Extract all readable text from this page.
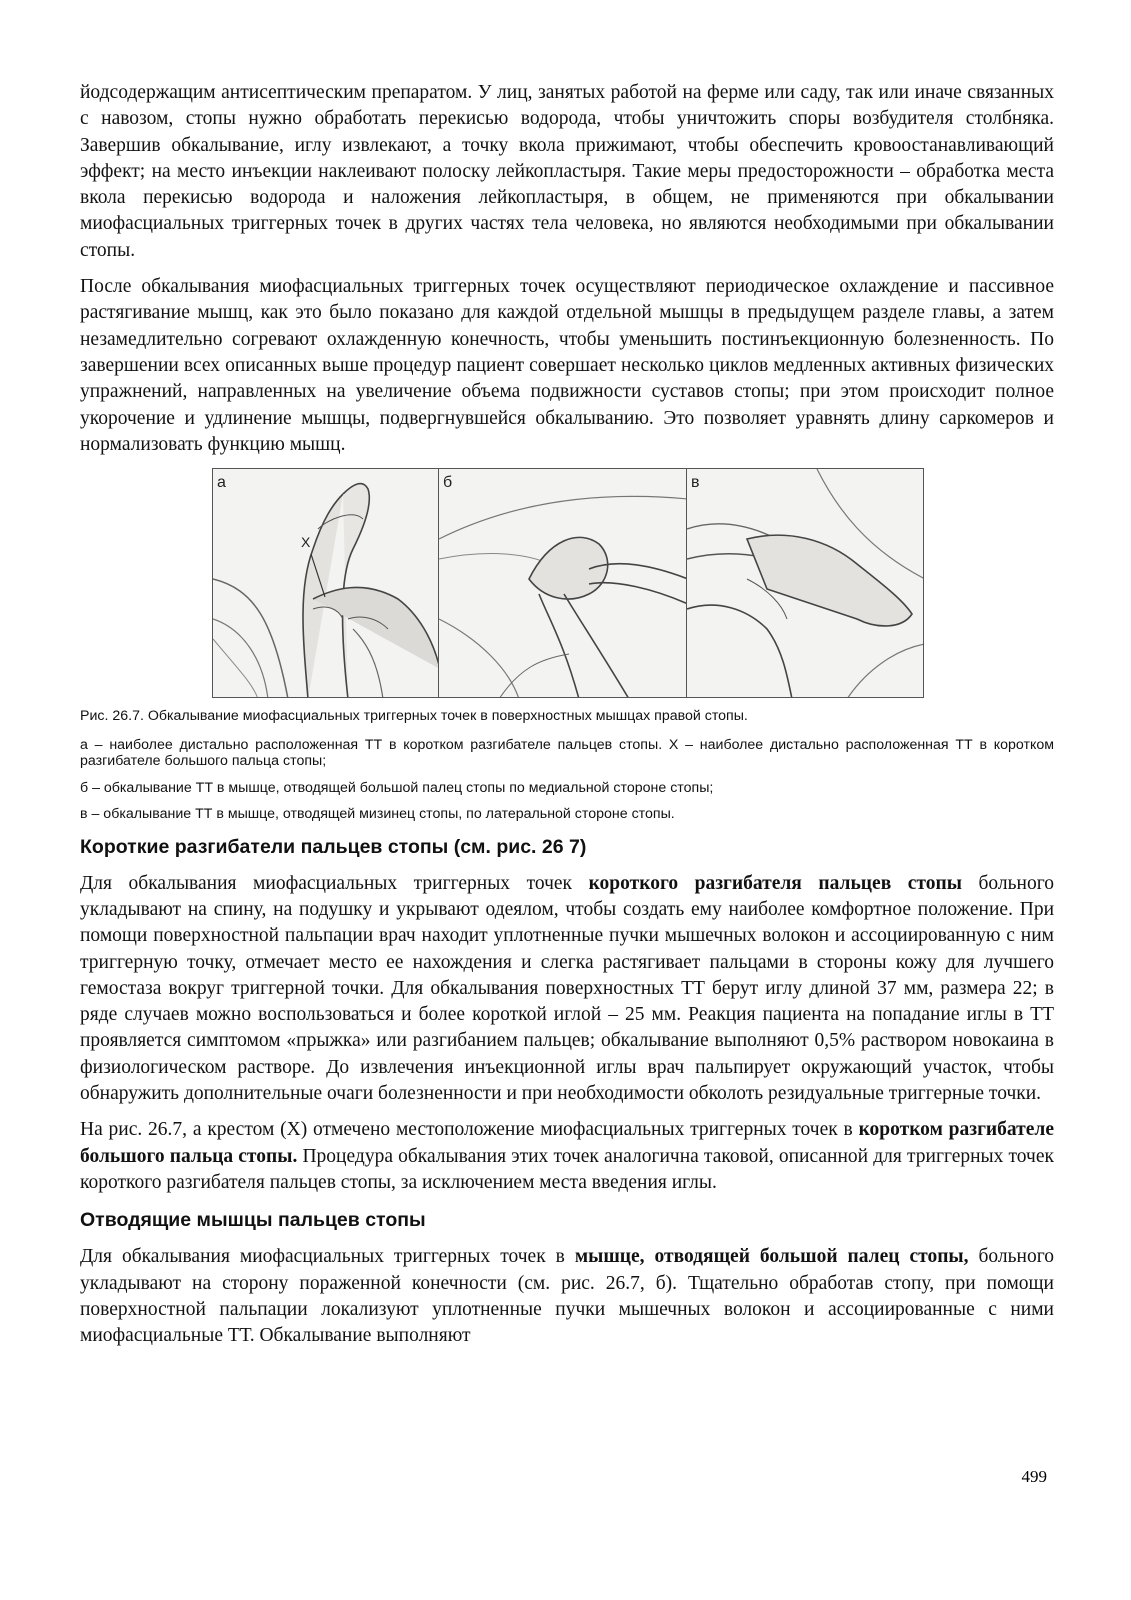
йодсодержащим антисептическим препаратом. У лиц, занятых работой на ферме или саду, так или иначе связанных с навозом, стопы нужно обработать перекисью водорода, чтобы уничтожить споры возбудителя столбняка. Завершив обкалывание, иглу извлекают, а точку вкола прижимают, чтобы обеспечить кровоостанавливающий эффект; на место инъекции наклеивают полоску лейкопластыря. Такие меры предосторожности – обработка места вкола перекисью водорода и наложения лейкопластыря, в общем, не применяются при обкалывании миофасциальных триггерных точек в других частях тела человека, но являются необходимыми при обкалывании стопы.

После обкалывания миофасциальных триггерных точек осуществляют периодическое охлаждение и пассивное растягивание мышц, как это было показано для каждой отдельной мышцы в предыдущем разделе главы, а затем незамедлительно согревают охлажденную конечность, чтобы уменьшить постинъекционную болезненность. По завершении всех описанных выше процедур пациент совершает несколько циклов медленных активных физических упражнений, направленных на увеличение объема подвижности суставов стопы; при этом происходит полное укорочение и удлинение мышцы, подвергнувшейся обкалыванию. Это позволяет уравнять длину саркомеров и нормализовать функцию мышц.

X
а	б	в

Рис. 26.7. Обкалывание миофасциальных триггерных точек в поверхностных мышцах правой стопы.

а – наиболее дистально расположенная ТТ в коротком разгибателе пальцев стопы. X – наиболее дистально расположенная ТТ в коротком разгибателе большого пальца стопы;
б – обкалывание ТТ в мышце, отводящей большой палец стопы по медиальной стороне стопы;
в – обкалывание ТТ в мышце, отводящей мизинец стопы, по латеральной стороне стопы.
Короткие разгибатели пальцев стопы (см. рис. 26 7)

Для обкалывания миофасциальных триггерных точек короткого разгибателя пальцев стопы больного укладывают на спину, на подушку и укрывают одеялом, чтобы создать ему наиболее комфортное положение. При помощи поверхностной пальпации врач находит уплотненные пучки мышечных волокон и ассоциированную с ним триггерную точку, отмечает место ее нахождения и слегка растягивает пальцами в стороны кожу для лучшего гемостаза вокруг триггерной точки. Для обкалывания поверхностных ТТ берут иглу длиной 37 мм, размера 22; в ряде случаев можно воспользоваться и более короткой иглой – 25 мм. Реакция пациента на попадание иглы в ТТ проявляется симптомом «прыжка» или разгибанием пальцев; обкалывание выполняют 0,5% раствором новокаина в физиологическом растворе. До извлечения инъекционной иглы врач пальпирует окружающий участок, чтобы обнаружить дополнительные очаги болезненности и при необходимости обколоть резидуальные триггерные точки.

На рис. 26.7, а крестом (X) отмечено местоположение миофасциальных триггерных точек в коротком разгибателе большого пальца стопы. Процедура обкалывания этих точек аналогична таковой, описанной для триггерных точек короткого разгибателя пальцев стопы, за исключением места введения иглы.

Отводящие мышцы пальцев стопы

Для обкалывания миофасциальных триггерных точек в мышце, отводящей большой палец стопы, больного укладывают на сторону пораженной конечности (см. рис. 26.7, б). Тщательно обработав стопу, при помощи поверхностной пальпации локализуют уплотненные пучки мышечных волокон и ассоциированные с ними миофасциальные ТТ. Обкалывание выполняют

499
